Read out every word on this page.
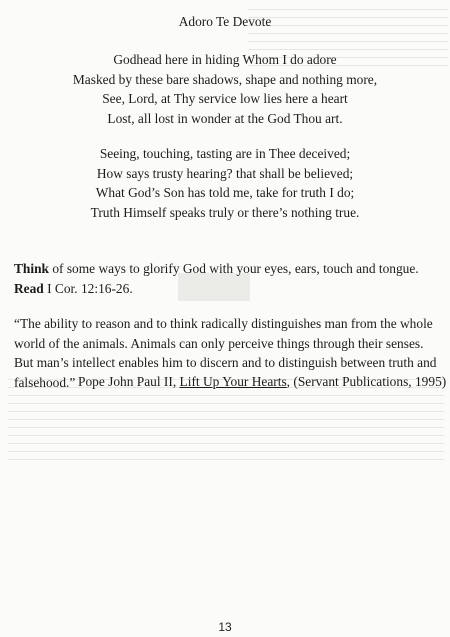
Adoro Te Devote
Godhead here in hiding Whom I do adore
Masked by these bare shadows, shape and nothing more,
See, Lord, at Thy service low lies here a heart
Lost, all lost in wonder at the God Thou art.
Seeing, touching, tasting are in Thee deceived;
How says trusty hearing? that shall be believed;
What God’s Son has told me, take for truth I do;
Truth Himself speaks truly or there’s nothing true.
Think of some ways to glorify God with your eyes, ears, touch and tongue.
Read I Cor. 12:16-26.
“The ability to reason and to think radically distinguishes man from the whole world of the animals. Animals can only perceive things through their senses. But man’s intellect enables him to discern and to distinguish between truth and falsehood.” Pope John Paul II, Lift Up Your Hearts, (Servant Publications, 1995)
13
